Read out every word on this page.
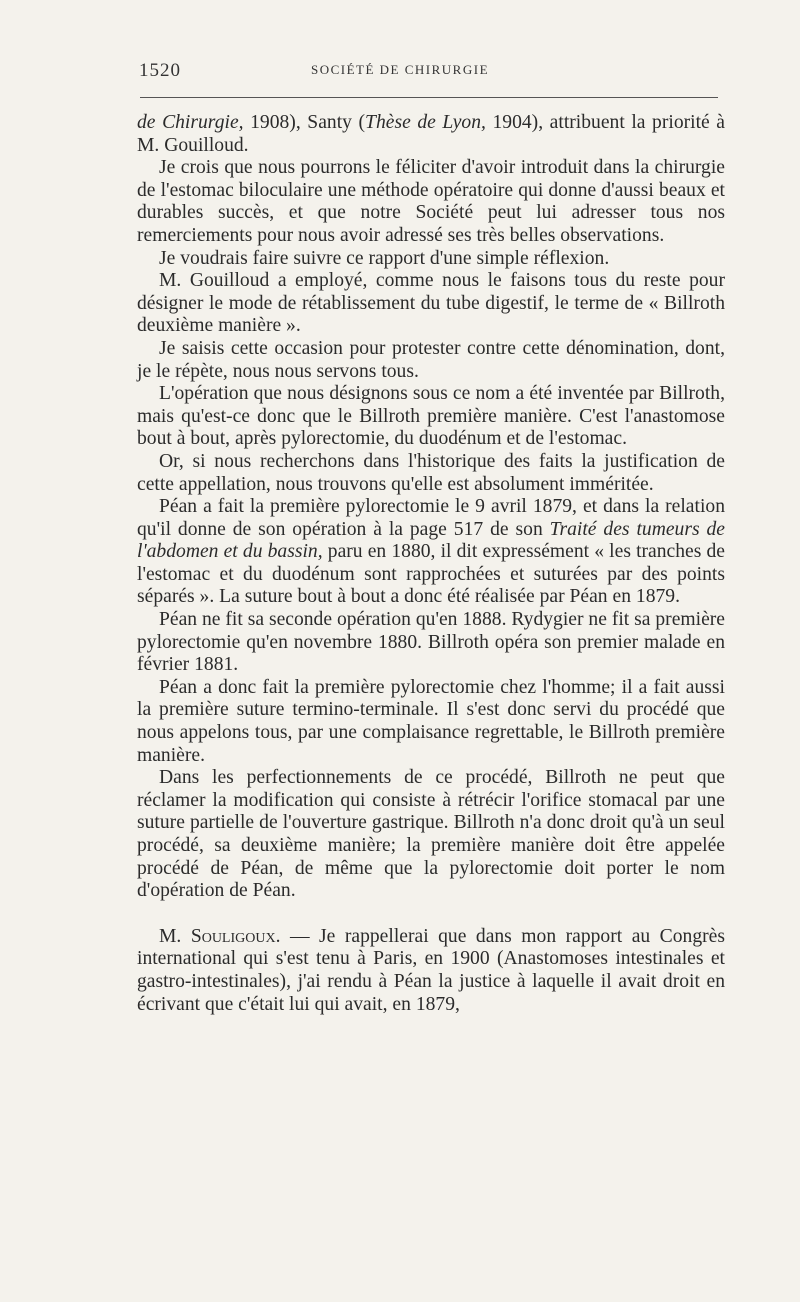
1520	SOCIÉTÉ DE CHIRURGIE

de Chirurgie, 1908), Santy (Thèse de Lyon, 1904), attribuent la priorité à M. Gouilloud.

Je crois que nous pourrons le féliciter d'avoir introduit dans la chirurgie de l'estomac biloculaire une méthode opératoire qui donne d'aussi beaux et durables succès, et que notre Société peut lui adresser tous nos remerciements pour nous avoir adressé ses très belles observations.

Je voudrais faire suivre ce rapport d'une simple réflexion.

M. Gouilloud a employé, comme nous le faisons tous du reste pour désigner le mode de rétablissement du tube digestif, le terme de « Billroth deuxième manière ».

Je saisis cette occasion pour protester contre cette dénomination, dont, je le répète, nous nous servons tous.

L'opération que nous désignons sous ce nom a été inventée par Billroth, mais qu'est-ce donc que le Billroth première manière. C'est l'anastomose bout à bout, après pylorectomie, du duodénum et de l'estomac.

Or, si nous recherchons dans l'historique des faits la justification de cette appellation, nous trouvons qu'elle est absolument imméritée.

Péan a fait la première pylorectomie le 9 avril 1879, et dans la relation qu'il donne de son opération à la page 517 de son Traité des tumeurs de l'abdomen et du bassin, paru en 1880, il dit expressément « les tranches de l'estomac et du duodénum sont rapprochées et suturées par des points séparés ». La suture bout à bout a donc été réalisée par Péan en 1879.

Péan ne fit sa seconde opération qu'en 1888. Rydygier ne fit sa première pylorectomie qu'en novembre 1880. Billroth opéra son premier malade en février 1881.

Péan a donc fait la première pylorectomie chez l'homme; il a fait aussi la première suture termino-terminale. Il s'est donc servi du procédé que nous appelons tous, par une complaisance regrettable, le Billroth première manière.

Dans les perfectionnements de ce procédé, Billroth ne peut que réclamer la modification qui consiste à rétrécir l'orifice stomacal par une suture partielle de l'ouverture gastrique. Billroth n'a donc droit qu'à un seul procédé, sa deuxième manière; la première manière doit être appelée procédé de Péan, de même que la pylorectomie doit porter le nom d'opération de Péan.

M. Souligoux. — Je rappellerai que dans mon rapport au Congrès international qui s'est tenu à Paris, en 1900 (Anastomoses intestinales et gastro-intestinales), j'ai rendu à Péan la justice à laquelle il avait droit en écrivant que c'était lui qui avait, en 1879,
